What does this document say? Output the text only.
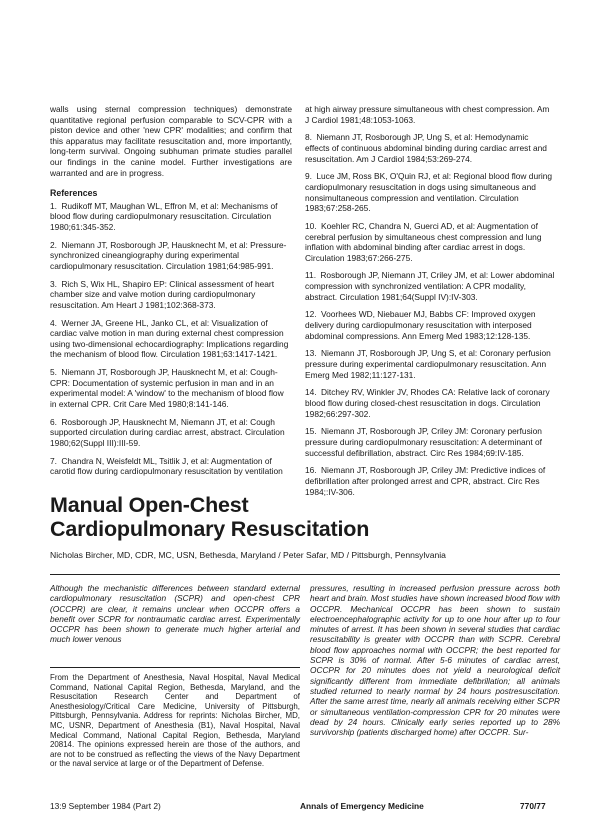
walls using sternal compression techniques) demonstrate quantitative regional perfusion comparable to SCV-CPR with a piston device and other 'new CPR' modalities; and confirm that this apparatus may facilitate resuscitation and, more importantly, long-term survival. Ongoing subhuman primate studies parallel our findings in the canine model. Further investigations are warranted and are in progress.

References
1. Rudikoff MT, Maughan WL, Effron M, et al: Mechanisms of blood flow during cardiopulmonary resuscitation. Circulation 1980;61:345-352.
2. Niemann JT, Rosborough JP, Hausknecht M, et al: Pressure-synchronized cineangiography during experimental cardiopulmonary resuscitation. Circulation 1981;64:985-991.
3. Rich S, Wix HL, Shapiro EP: Clinical assessment of heart chamber size and valve motion during cardiopulmonary resuscitation. Am Heart J 1981;102:368-373.
4. Werner JA, Greene HL, Janko CL, et al: Visualization of cardiac valve motion in man during external chest compression using two-dimensional echocardiography: Implications regarding the mechanism of blood flow. Circulation 1981;63:1417-1421.
5. Niemann JT, Rosborough JP, Hausknecht M, et al: Cough-CPR: Documentation of systemic perfusion in man and in an experimental model: A 'window' to the mechanism of blood flow in external CPR. Crit Care Med 1980;8:141-146.
6. Rosborough JP, Hausknecht M, Niemann JT, et al: Cough supported circulation during cardiac arrest, abstract. Circulation 1980;62(Suppl III):III-59.
7. Chandra N, Weisfeldt ML, Tsitlik J, et al: Augmentation of carotid flow during cardiopulmonary resuscitation by ventilation
at high airway pressure simultaneous with chest compression. Am J Cardiol 1981;48:1053-1063.
8. Niemann JT, Rosborough JP, Ung S, et al: Hemodynamic effects of continuous abdominal binding during cardiac arrest and resuscitation. Am J Cardiol 1984;53:269-274.
9. Luce JM, Ross BK, O'Quin RJ, et al: Regional blood flow during cardiopulmonary resuscitation in dogs using simultaneous and nonsimultaneous compression and ventilation. Circulation 1983;67:258-265.
10. Koehler RC, Chandra N, Guerci AD, et al: Augmentation of cerebral perfusion by simultaneous chest compression and lung inflation with abdominal binding after cardiac arrest in dogs. Circulation 1983;67:266-275.
11. Rosborough JP, Niemann JT, Criley JM, et al: Lower abdominal compression with synchronized ventilation: A CPR modality, abstract. Circulation 1981;64(Suppl IV):IV-303.
12. Voorhees WD, Niebauer MJ, Babbs CF: Improved oxygen delivery during cardiopulmonary resuscitation with interposed abdominal compressions. Ann Emerg Med 1983;12:128-135.
13. Niemann JT, Rosborough JP, Ung S, et al: Coronary perfusion pressure during experimental cardiopulmonary resuscitation. Ann Emerg Med 1982;11:127-131.
14. Ditchey RV, Winkler JV, Rhodes CA: Relative lack of coronary blood flow during closed-chest resuscitation in dogs. Circulation 1982;66:297-302.
15. Niemann JT, Rosborough JP, Criley JM: Coronary perfusion pressure during cardiopulmonary resuscitation: A determinant of successful defibrillation, abstract. Circ Res 1984;69:IV-185.
16. Niemann JT, Rosborough JP, Criley JM: Predictive indices of defibrillation after prolonged arrest and CPR, abstract. Circ Res 1984;:IV-306.

Manual Open-Chest

Cardiopulmonary Resuscitation

Nicholas Bircher, MD, CDR, MC, USN, Bethesda, Maryland / Peter Safar, MD / Pittsburgh, Pennsylvania

Although the mechanistic differences between standard external cardiopulmonary resuscitation (SCPR) and open-chest CPR (OCCPR) are clear, it remains unclear when OCCPR offers a benefit over SCPR for nontraumatic cardiac arrest. Experimentally OCCPR has been shown to generate much higher arterial and much lower venous

From the Department of Anesthesia, Naval Hospital, Naval Medical Command, National Capital Region, Bethesda, Maryland, and the Resuscitation Research Center and Department of Anesthesiology/Critical Care Medicine, University of Pittsburgh, Pittsburgh, Pennsylvania. Address for reprints: Nicholas Bircher, MD, MC, USNR, Department of Anesthesia (B1), Naval Hospital, Naval Medical Command, National Capital Region, Bethesda, Maryland 20814. The opinions expressed herein are those of the authors, and are not to be construed as reflecting the views of the Navy Department or the naval service at large or of the Department of Defense.

pressures, resulting in increased perfusion pressure across both heart and brain. Most studies have shown increased blood flow with OCCPR. Mechanical OCCPR has been shown to sustain electroencephalographic activity for up to one hour after up to four minutes of arrest. It has been shown in several studies that cardiac resuscitability is greater with OCCPR than with SCPR. Cerebral blood flow approaches normal with OCCPR; the best reported for SCPR is 30% of normal. After 5-6 minutes of cardiac arrest, OCCPR for 20 minutes does not yield a neurological deficit significantly different from immediate defibrillation; all animals studied returned to nearly normal by 24 hours postresuscitation. After the same arrest time, nearly all animals receiving either SCPR or simultaneous ventilation-compression CPR for 20 minutes were dead by 24 hours. Clinically early series reported up to 28% survivorship (patients discharged home) after OCCPR. Sur-

13:9 September 1984 (Part 2)	Annals of Emergency Medicine	770/77
